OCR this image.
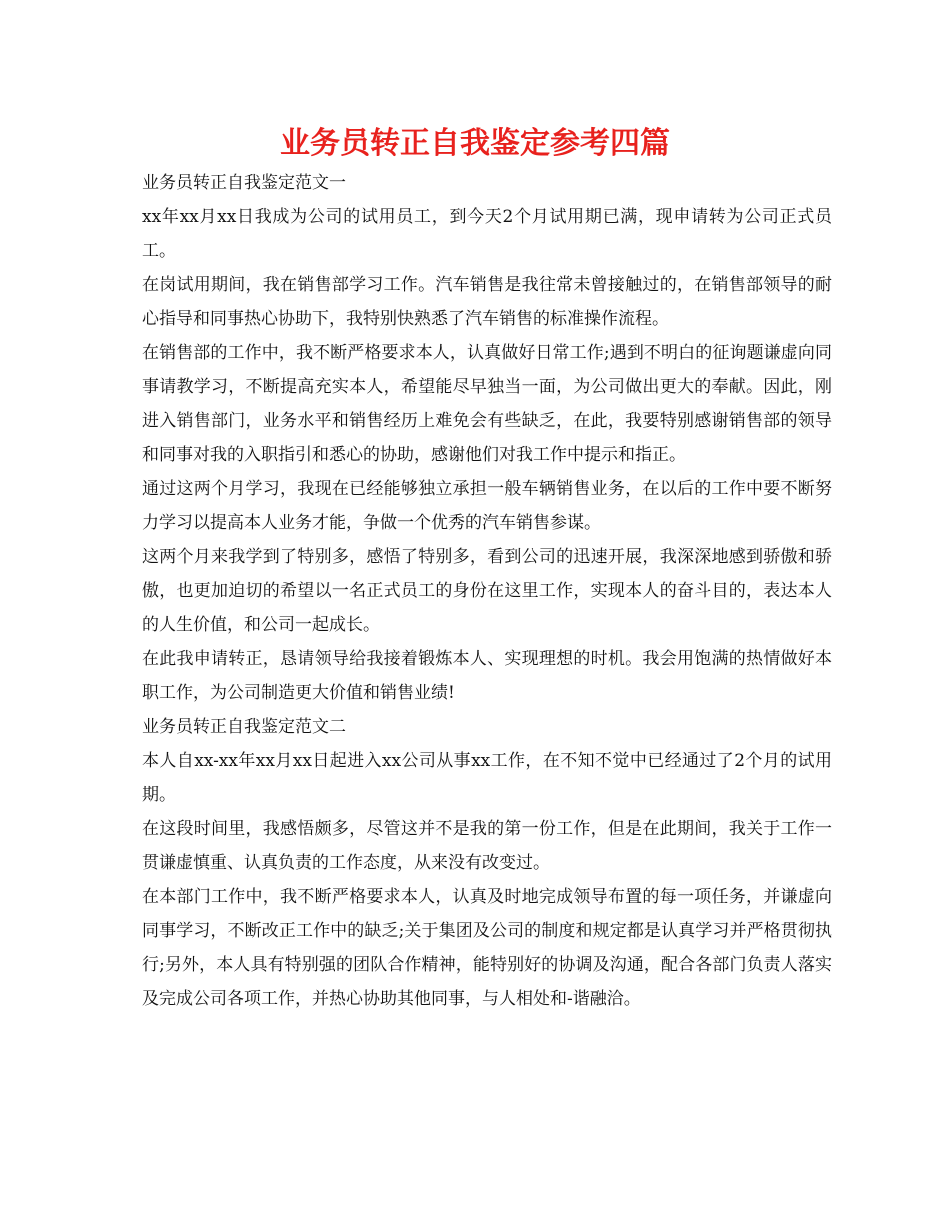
业务员转正自我鉴定参考四篇

业务员转正自我鉴定范文一

xx年xx月xx日我成为公司的试用员工，到今天2个月试用期已满，现申请转为公司正式员工。

在岗试用期间，我在销售部学习工作。汽车销售是我往常未曾接触过的，在销售部领导的耐心指导和同事热心协助下，我特别快熟悉了汽车销售的标准操作流程。

在销售部的工作中，我不断严格要求本人，认真做好日常工作;遇到不明白的征询题谦虚向同事请教学习，不断提高充实本人，希望能尽早独当一面，为公司做出更大的奉献。因此，刚进入销售部门，业务水平和销售经历上难免会有些缺乏，在此，我要特别感谢销售部的领导和同事对我的入职指引和悉心的协助，感谢他们对我工作中提示和指正。

通过这两个月学习，我现在已经能够独立承担一般车辆销售业务，在以后的工作中要不断努力学习以提高本人业务才能，争做一个优秀的汽车销售参谋。

这两个月来我学到了特别多，感悟了特别多，看到公司的迅速开展，我深深地感到骄傲和骄傲，也更加迫切的希望以一名正式员工的身份在这里工作，实现本人的奋斗目的，表达本人的人生价值，和公司一起成长。

在此我申请转正，恳请领导给我接着锻炼本人、实现理想的时机。我会用饱满的热情做好本职工作，为公司制造更大价值和销售业绩!

业务员转正自我鉴定范文二

本人自xx-xx年xx月xx日起进入xx公司从事xx工作，在不知不觉中已经通过了2个月的试用期。

在这段时间里，我感悟颇多，尽管这并不是我的第一份工作，但是在此期间，我关于工作一贯谦虚慎重、认真负责的工作态度，从来没有改变过。

在本部门工作中，我不断严格要求本人，认真及时地完成领导布置的每一项任务，并谦虚向同事学习，不断改正工作中的缺乏;关于集团及公司的制度和规定都是认真学习并严格贯彻执行;另外，本人具有特别强的团队合作精神，能特别好的协调及沟通，配合各部门负责人落实及完成公司各项工作，并热心协助其他同事，与人相处和-谐融洽。
